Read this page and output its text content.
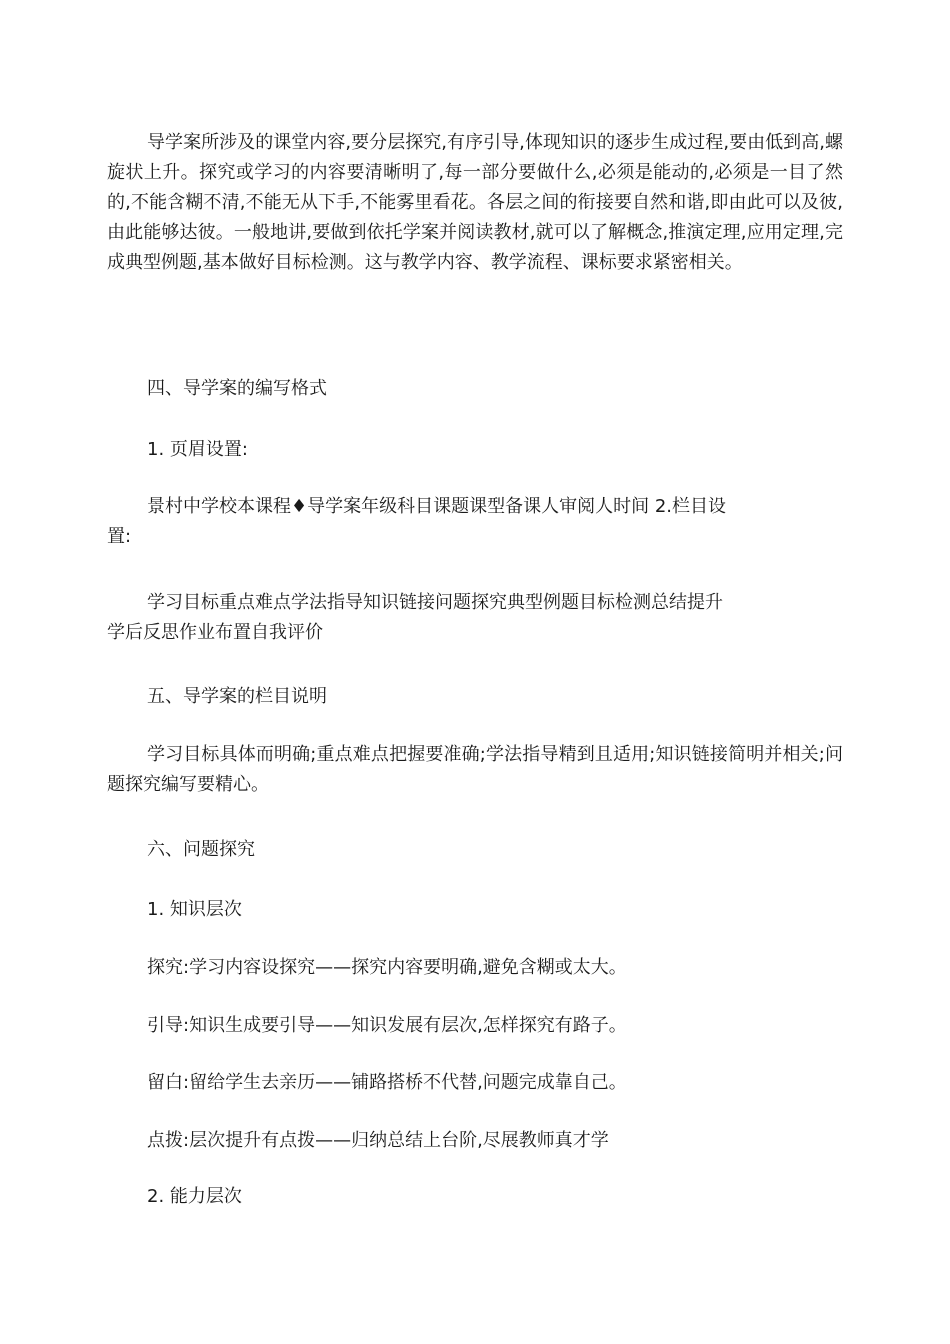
导学案所涉及的课堂内容,要分层探究,有序引导,体现知识的逐步生成过程,要由低到高,螺旋状上升。探究或学习的内容要清晰明了,每一部分要做什么,必须是能动的,必须是一目了然的,不能含糊不清,不能无从下手,不能雾里看花。各层之间的衔接要自然和谐,即由此可以及彼,由此能够达彼。一般地讲,要做到依托学案并阅读教材,就可以了解概念,推演定理,应用定理,完成典型例题,基本做好目标检测。这与教学内容、教学流程、课标要求紧密相关。

四、导学案的编写格式

1. 页眉设置:

景村中学校本课程♦导学案年级科目课题课型备课人审阅人时间 2.栏目设
置:
学习目标重点难点学法指导知识链接问题探究典型例题目标检测总结提升
学后反思作业布置自我评价

五、导学案的栏目说明

学习目标具体而明确;重点难点把握要准确;学法指导精到且适用;知识链接简明并相关;问题探究编写要精心。

六、问题探究

1. 知识层次

探究:学习内容设探究——探究内容要明确,避免含糊或太大。

引导:知识生成要引导——知识发展有层次,怎样探究有路子。

留白:留给学生去亲历——铺路搭桥不代替,问题完成靠自己。

点拨:层次提升有点拨——归纳总结上台阶,尽展教师真才学

2. 能力层次
